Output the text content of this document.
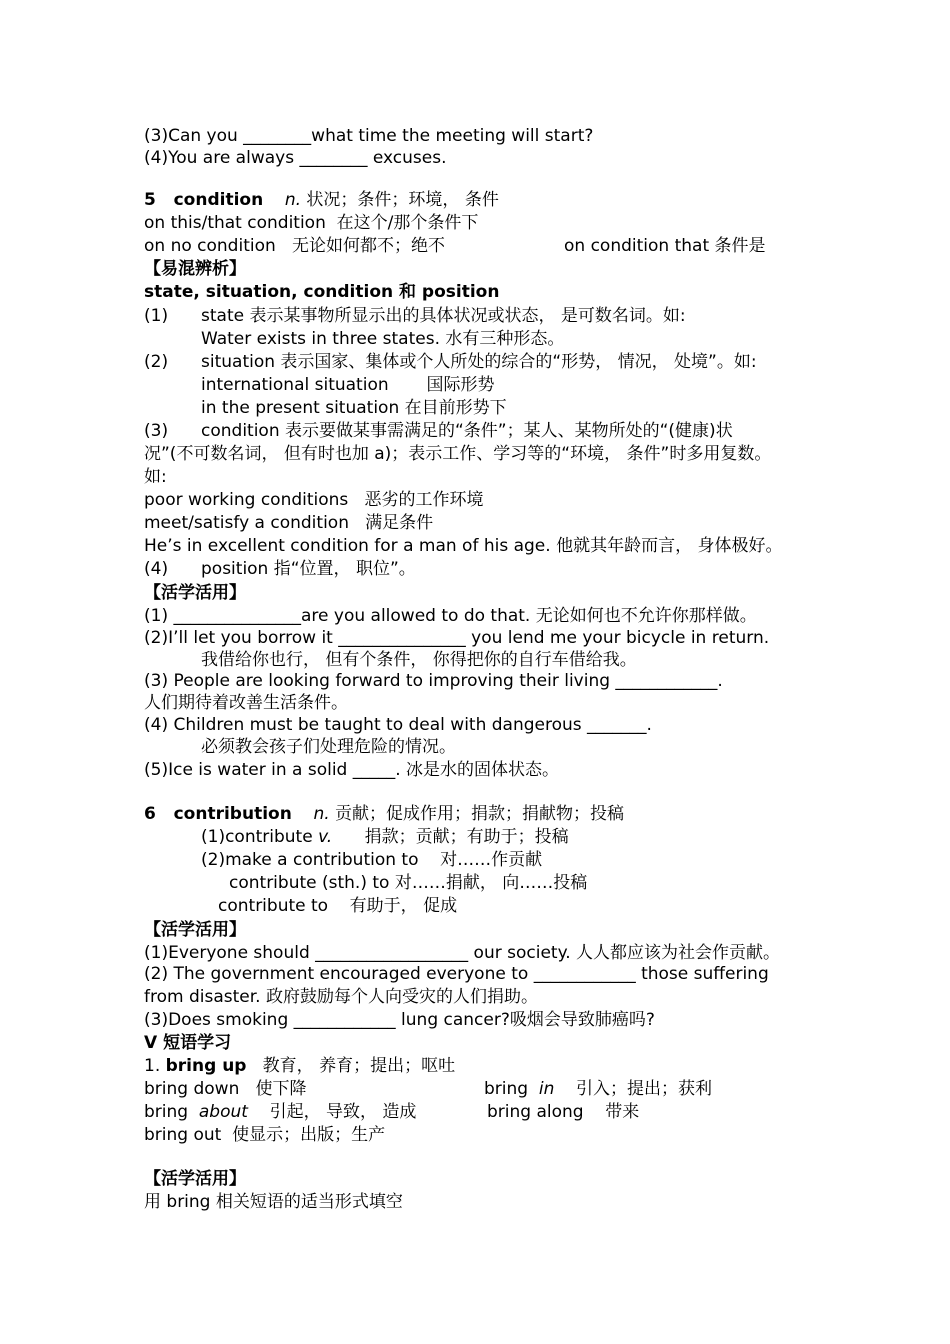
(3)Can you ________what time the meeting will start?
(4)You are always ________ excuses.
5 condition n. 状况；条件；环境， 条件
on this/that condition  在这个/那个条件下
on no condition   无论如何都不；绝不	on condition that 条件是
【易混辨析】
state, situation, condition 和 position
(1) state 表示某事物所显示出的具体状况或状态， 是可数名词。如:
Water exists in three states. 水有三种形态。
(2) situation 表示国家、集体或个人所处的综合的“形势， 情况， 处境”。如:
international situation       国际形势
in the present situation 在目前形势下
(3) condition 表示要做某事需满足的“条件”；某人、某物所处的“(健康)状
况”(不可数名词， 但有时也加 a)；表示工作、学习等的“环境， 条件”时多用复数。
如:
poor working conditions   恶劣的工作环境
meet/satisfy a condition   满足条件
He’s in excellent condition for a man of his age. 他就其年龄而言， 身体极好。
(4) position 指“位置， 职位”。
【活学活用】
(1) _______________are you allowed to do that. 无论如何也不允许你那样做。
(2)I’ll let you borrow it _______________ you lend me your bicycle in return.
我借给你也行， 但有个条件， 你得把你的自行车借给我。
(3) People are looking forward to improving their living ____________.
人们期待着改善生活条件。
(4) Children must be taught to deal with dangerous _______.
必须教会孩子们处理危险的情况。
(5)Ice is water in a solid _____. 冰是水的固体状态。
6 contribution n. 贡献；促成作用；捐款；捐献物；投稿
(1)contribute v.      捐款；贡献；有助于；投稿
(2)make a contribution to    对……作贡献
contribute (sth.) to 对……捐献， 向……投稿
contribute to    有助于， 促成
【活学活用】
(1)Everyone should __________________ our society. 人人都应该为社会作贡献。
(2) The government encouraged everyone to ____________ those suffering
from disaster. 政府鼓励每个人向受灾的人们捐助。
(3)Does smoking ____________ lung cancer?吸烟会导致肺癌吗?
V 短语学习
1. bring up   教育， 养育；提出；呕吐
bring down   使下降	bring  in    引入；提出；获利
bring  about    引起， 导致， 造成	bring along    带来
bring out  使显示；出版；生产
【活学活用】
用 bring 相关短语的适当形式填空
